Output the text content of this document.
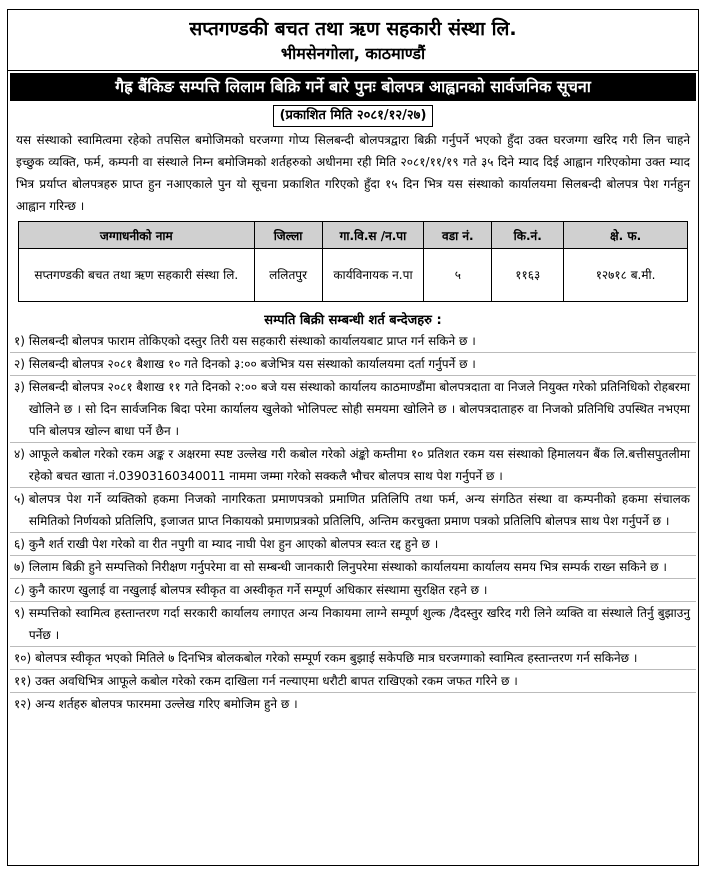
सप्तगण्डकी बचत तथा ऋण सहकारी संस्था लि.
भीमसेनगोला, काठमाण्डौं
गैह्र बैंकिङ सम्पत्ति लिलाम बिक्रि गर्ने बारे पुनः बोलपत्र आह्वानको सार्वजनिक सूचना
(प्रकाशित मिति २०८१/१२/२७)
यस संस्थाको स्वामित्वमा रहेको तपसिल बमोजिमको घरजग्गा गोप्य सिलबन्दी बोलपत्रद्वारा बिक्री गर्नुपर्ने भएको हुँदा उक्त घरजग्गा खरिद गरी लिन चाहने इच्छुक व्यक्ति, फर्म, कम्पनी वा संस्थाले निम्न बमोजिमको शर्तहरुको अधीनमा रही मिति २०८१/११/१९ गते ३५ दिने म्याद दिई आह्वान गरिएकोमा उक्त म्याद भित्र प्रर्याप्त बोलपत्रहरु प्राप्त हुन नआएकाले पुन यो सूचना प्रकाशित गरिएको हुँदा १५ दिन भित्र यस संस्थाको कार्यालयमा सिलबन्दी बोलपत्र पेश गर्नहुन आह्वान गरिन्छ ।
जग्गाधनीको नाम	जिल्ला	गा.वि.स /न.पा	वडा नं.	कि.नं.	क्षे. फ.
सप्तगण्डकी बचत तथा ऋण सहकारी संस्था लि.	ललितपुर	कार्यविनायक न.पा	५	११६३	१२७१८ ब.मी.
सम्पति बिक्री सम्बन्धी शर्त बन्देजहरु :
१) सिलबन्दी बोलपत्र फाराम तोकिएको दस्तुर तिरी यस सहकारी संस्थाको कार्यालयबाट प्राप्त गर्न सकिने छ ।
२) सिलबन्दी बोलपत्र २०८१ बैशाख १० गते दिनको ३:०० बजेभित्र यस संस्थाको कार्यालयमा दर्ता गर्नुपर्ने छ ।
३) सिलबन्दी बोलपत्र २०८१ बैशाख ११ गते दिनको २:०० बजे यस संस्थाको कार्यालय काठमाण्डौंमा बोलपत्रदाता वा निजले नियुक्त गरेको प्रतिनिधिको रोहबरमा खोलिने छ । सो दिन सार्वजनिक बिदा परेमा कार्यालय खुलेको भोलिपल्ट सोही समयमा खोलिने छ । बोलपत्रदाताहरु वा निजको प्रतिनिधि उपस्थित नभएमा पनि बोलपत्र खोल्न बाधा पर्ने छैन ।
४) आफूले कबोल गरेको रकम अङ्क र अक्षरमा स्पष्ट उल्लेख गरी कबोल गरेको अंङ्को कम्तीमा १० प्रतिशत रकम यस संस्थाको हिमालयन बैंक लि.बत्तीसपुतलीमा रहेको बचत खाता नं.03903160340011 नाममा जम्मा गरेको सक्कलै भौचर बोलपत्र साथ पेश गर्नुपर्ने छ ।
५) बोलपत्र पेश गर्ने व्यक्तिको हकमा निजको नागरिकता प्रमाणपत्रको प्रमाणित प्रतिलिपि तथा फर्म, अन्य संगठित संस्था वा कम्पनीको हकमा संचालक समितिको निर्णयको प्रतिलिपि, इजाजत प्राप्त निकायको प्रमाणप्रत्रको प्रतिलिपि, अन्तिम करचुक्ता प्रमाण पत्रको प्रतिलिपि बोलपत्र साथ पेश गर्नुपर्ने छ ।
६) कुनै शर्त राखी पेश गरेको वा रीत नपुगी वा म्याद नाघी पेश हुन आएको बोलपत्र स्वःत रद्द हुने छ ।
७) लिलाम बिक्री हुने सम्पत्तिको निरीक्षण गर्नुपरेमा वा सो सम्बन्धी जानकारी लिनुपरेमा संस्थाको कार्यालयमा कार्यालय समय भित्र सम्पर्क राख्न सकिने छ ।
८) कुनै कारण खुलाई वा नखुलाई बोलपत्र स्वीकृत वा अस्वीकृत गर्ने सम्पूर्ण अधिकार संस्थामा सुरक्षित रहने छ ।
९) सम्पत्तिको स्वामित्व हस्तान्तरण गर्दा सरकारी कार्यालय लगाएत अन्य निकायमा लाग्ने सम्पूर्ण शुल्क /दैदस्तुर खरिद गरी लिने व्यक्ति वा संस्थाले तिर्नु बुझाउनु पर्नेछ ।
१०) बोलपत्र स्वीकृत भएको मितिले ७ दिनभित्र बोलकबोल गरेको सम्पूर्ण रकम बुझाई सकेपछि मात्र घरजग्गाको स्वामित्व हस्तान्तरण गर्न सकिनेछ ।
११) उक्त अवधिभित्र आफूले कबोल गरेको रकम दाखिला गर्न नल्याएमा धरौटी बापत राखिएको रकम जफत गरिने छ ।
१२) अन्य शर्तहरु बोलपत्र फारममा उल्लेख गरिए बमोजिम हुने छ ।
